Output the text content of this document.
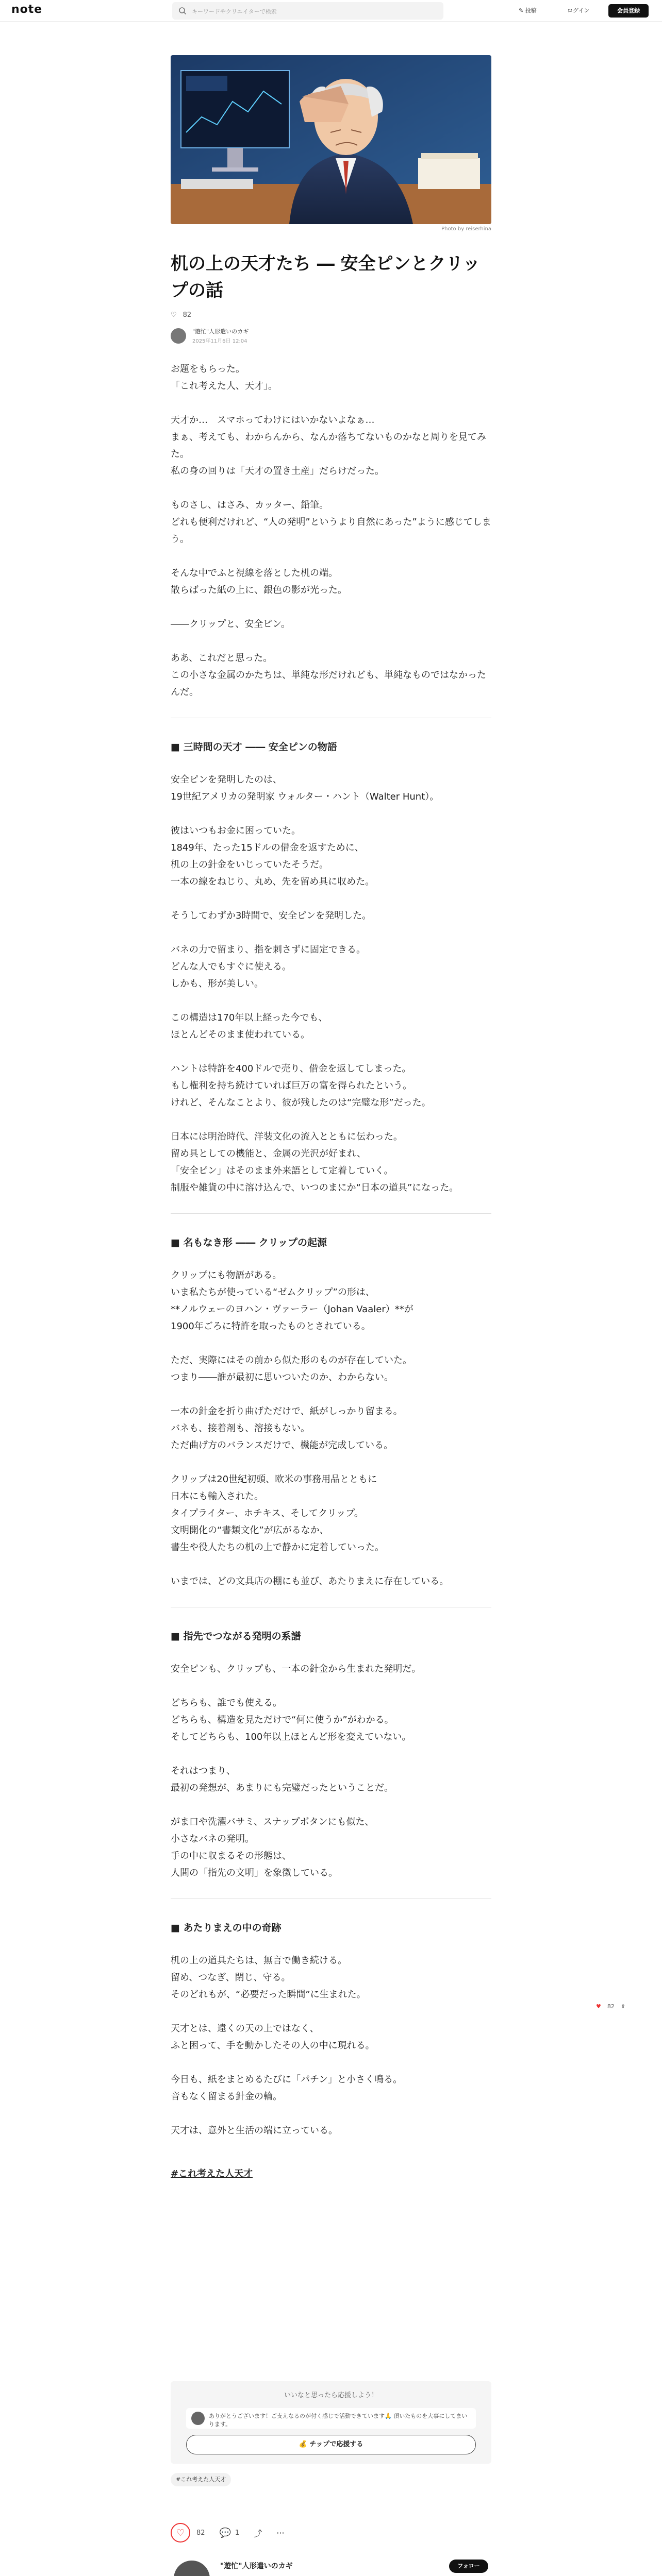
note	キーワードやクリエイターで検索	✎ 投稿	ログイン	会員登録
Photo by reiserhina
机の上の天才たち ― 安全ピンとクリップの話
♡ 82
"遊忙"人形遣いのカギ
2025年11月6日 12:04

お題をもらった。
「これ考えた人、天才」。

天才か…　スマホってわけにはいかないよなぁ…
まぁ、考えても、わからんから、なんか落ちてないものかなと周りを見てみた。
私の身の回りは「天才の置き土産」だらけだった。

ものさし、はさみ、カッター、鉛筆。
どれも便利だけれど、“人の発明”というより自然にあった”ように感じてしまう。

そんな中でふと視線を落とした机の端。
散らばった紙の上に、銀色の影が光った。

――クリップと、安全ピン。

ああ、これだと思った。
この小さな金属のかたちは、単純な形だけれども、単純なものではなかったんだ。

■ 三時間の天才 ―― 安全ピンの物語

安全ピンを発明したのは、
19世紀アメリカの発明家 ウォルター・ハント（Walter Hunt）。

彼はいつもお金に困っていた。
1849年、たった15ドルの借金を返すために、
机の上の針金をいじっていたそうだ。
一本の線をねじり、丸め、先を留め具に収めた。

そうしてわずか3時間で、安全ピンを発明した。

バネの力で留まり、指を刺さずに固定できる。
どんな人でもすぐに使える。
しかも、形が美しい。

この構造は170年以上経った今でも、
ほとんどそのまま使われている。

ハントは特許を400ドルで売り、借金を返してしまった。
もし権利を持ち続けていれば巨万の富を得られたという。
けれど、そんなことより、彼が残したのは“完璧な形”だった。

日本には明治時代、洋装文化の流入とともに伝わった。
留め具としての機能と、金属の光沢が好まれ、
「安全ピン」はそのまま外来語として定着していく。
制服や雑貨の中に溶け込んで、いつのまにか“日本の道具”になった。

■ 名もなき形 ―― クリップの起源

クリップにも物語がある。
いま私たちが使っている“ゼムクリップ”の形は、
**ノルウェーのヨハン・ヴァーラー（Johan Vaaler）**が
1900年ごろに特許を取ったものとされている。

ただ、実際にはその前から似た形のものが存在していた。
つまり――誰が最初に思いついたのか、わからない。

一本の針金を折り曲げただけで、紙がしっかり留まる。
バネも、接着剤も、溶接もない。
ただ曲げ方のバランスだけで、機能が完成している。

クリップは20世紀初頭、欧米の事務用品とともに
日本にも輸入された。
タイプライター、ホチキス、そしてクリップ。
文明開化の“書類文化”が広がるなか、
書生や役人たちの机の上で静かに定着していった。

いまでは、どの文具店の棚にも並び、あたりまえに存在している。

■ 指先でつながる発明の系譜

安全ピンも、クリップも、一本の針金から生まれた発明だ。

どちらも、誰でも使える。
どちらも、構造を見ただけで“何に使うか”がわかる。
そしてどちらも、100年以上ほとんど形を変えていない。

それはつまり、
最初の発想が、あまりにも完璧だったということだ。

がま口や洗濯バサミ、スナップボタンにも似た、
小さなバネの発明。
手の中に収まるその形態は、
人間の「指先の文明」を象徴している。

■ あたりまえの中の奇跡

机の上の道具たちは、無言で働き続ける。
留め、つなぎ、閉じ、守る。
そのどれもが、“必要だった瞬間”に生まれた。

天才とは、遠くの天の上ではなく、
ふと困って、手を動かしたその人の中に現れる。

今日も、紙をまとめるたびに「パチン」と小さく鳴る。
音もなく留まる針金の輪。

天才は、意外と生活の端に立っている。

#これ考えた人天才
♥ 82 ⇪
いいなと思ったら応援しよう！
ありがとうございます！ご支えなるのが付く感じで活動できています🙏 頂いたものを大事にしてまいります。
💰 チップで応援する
#これ考えた人天才
♡ 82 💬 1 ⤴ ···
"遊忙"人形遣いのカギ	フォロー
